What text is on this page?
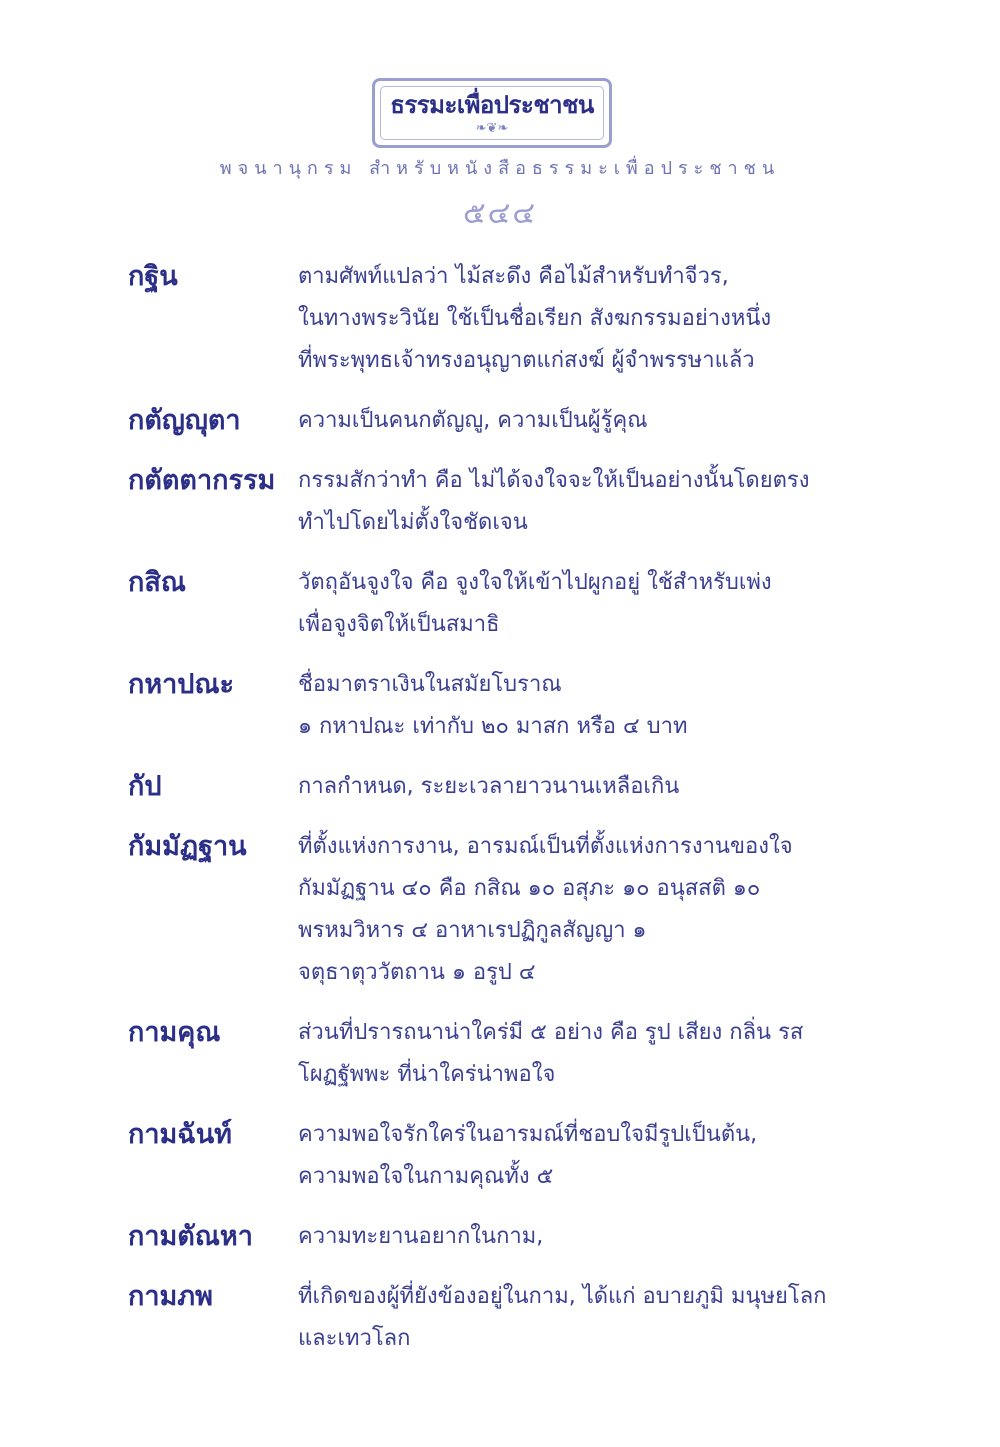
ธรรมะเพื่อประชาชน
❧❦❧
พจนานุกรม สำหรับหนังสือธรรมะเพื่อประชาชน
๕๔๔
กฐิน	ตามศัพท์แปลว่า ไม้สะดึง คือไม้สำหรับทำจีวร,
ในทางพระวินัย ใช้เป็นชื่อเรียก สังฆกรรมอย่างหนึ่ง
ที่พระพุทธเจ้าทรงอนุญาตแก่สงฆ์ ผู้จำพรรษาแล้ว
กตัญญุตา	ความเป็นคนกตัญญู, ความเป็นผู้รู้คุณ
กตัตตากรรม	กรรมสักว่าทำ คือ ไม่ได้จงใจจะให้เป็นอย่างนั้นโดยตรง
ทำไปโดยไม่ตั้งใจชัดเจน
กสิณ	วัตถุอันจูงใจ คือ จูงใจให้เข้าไปผูกอยู่ ใช้สำหรับเพ่ง
เพื่อจูงจิตให้เป็นสมาธิ
กหาปณะ	ชื่อมาตราเงินในสมัยโบราณ
๑ กหาปณะ เท่ากับ ๒๐ มาสก หรือ ๔ บาท
กัป	กาลกำหนด, ระยะเวลายาวนานเหลือเกิน
กัมมัฏฐาน	ที่ตั้งแห่งการงาน, อารมณ์เป็นที่ตั้งแห่งการงานของใจ
กัมมัฏฐาน ๔๐ คือ กสิณ ๑๐ อสุภะ ๑๐ อนุสสติ ๑๐
พรหมวิหาร ๔ อาหาเรปฏิกูลสัญญา ๑
จตุธาตุววัตถาน ๑ อรูป ๔
กามคุณ	ส่วนที่ปรารถนาน่าใคร่มี ๕ อย่าง คือ รูป เสียง กลิ่น รส
โผฏฐัพพะ ที่น่าใคร่น่าพอใจ
กามฉันท์	ความพอใจรักใคร่ในอารมณ์ที่ชอบใจมีรูปเป็นต้น,
ความพอใจในกามคุณทั้ง ๕
กามตัณหา	ความทะยานอยากในกาม,
กามภพ	ที่เกิดของผู้ที่ยังข้องอยู่ในกาม, ได้แก่ อบายภูมิ มนุษยโลก
และเทวโลก
